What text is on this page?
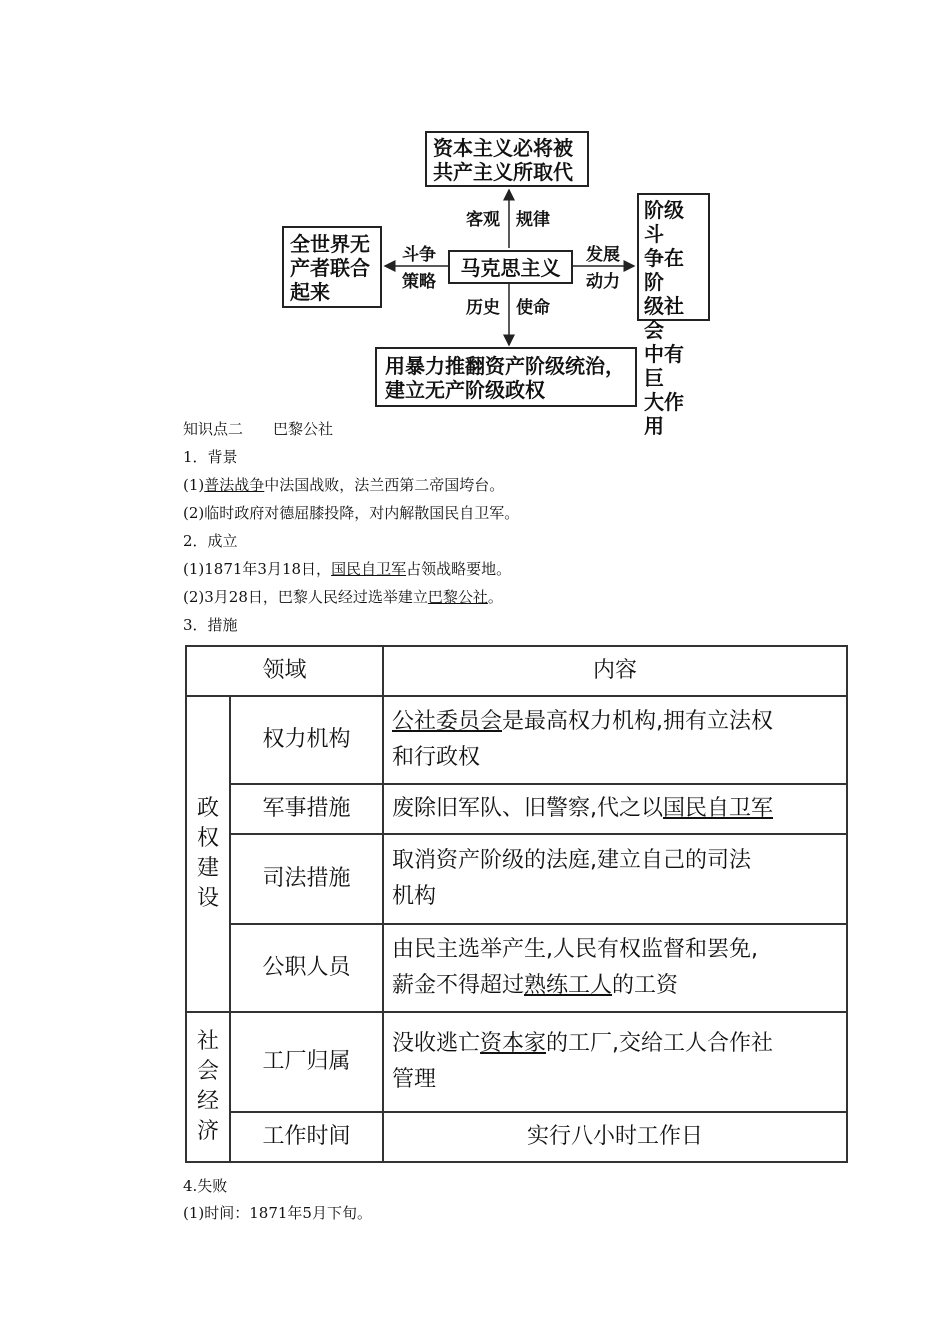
资本主义必将被
共产主义所取代
马克思主义
全世界无
产者联合
起来
阶级斗
争在阶
级社会
中有巨
大作用
用暴力推翻资产阶级统治，
建立无产阶级政权
客观 规律
斗争
策略
发展
动力
历史 使命
知识点二　　巴黎公社
1．背景
(1)普法战争中法国战败，法兰西第二帝国垮台。
(2)临时政府对德屈膝投降，对内解散国民自卫军。
2．成立
(1)1871年3月18日，国民自卫军占领战略要地。
(2)3月28日，巴黎人民经过选举建立巴黎公社。
3．措施
领域		内容

政权建设	权力机构	公社委员会是最高权力机构,拥有立法权
和行政权
	军事措施	废除旧军队、旧警察,代之以国民自卫军
	司法措施	取消资产阶级的法庭,建立自己的司法
机构
	公职人员	由民主选举产生,人民有权监督和罢免,
薪金不得超过熟练工人的工资

社会经济	工厂归属	没收逃亡资本家的工厂,交给工人合作社
管理
	工作时间	实行八小时工作日
4.失败
(1)时间：1871年5月下旬。
